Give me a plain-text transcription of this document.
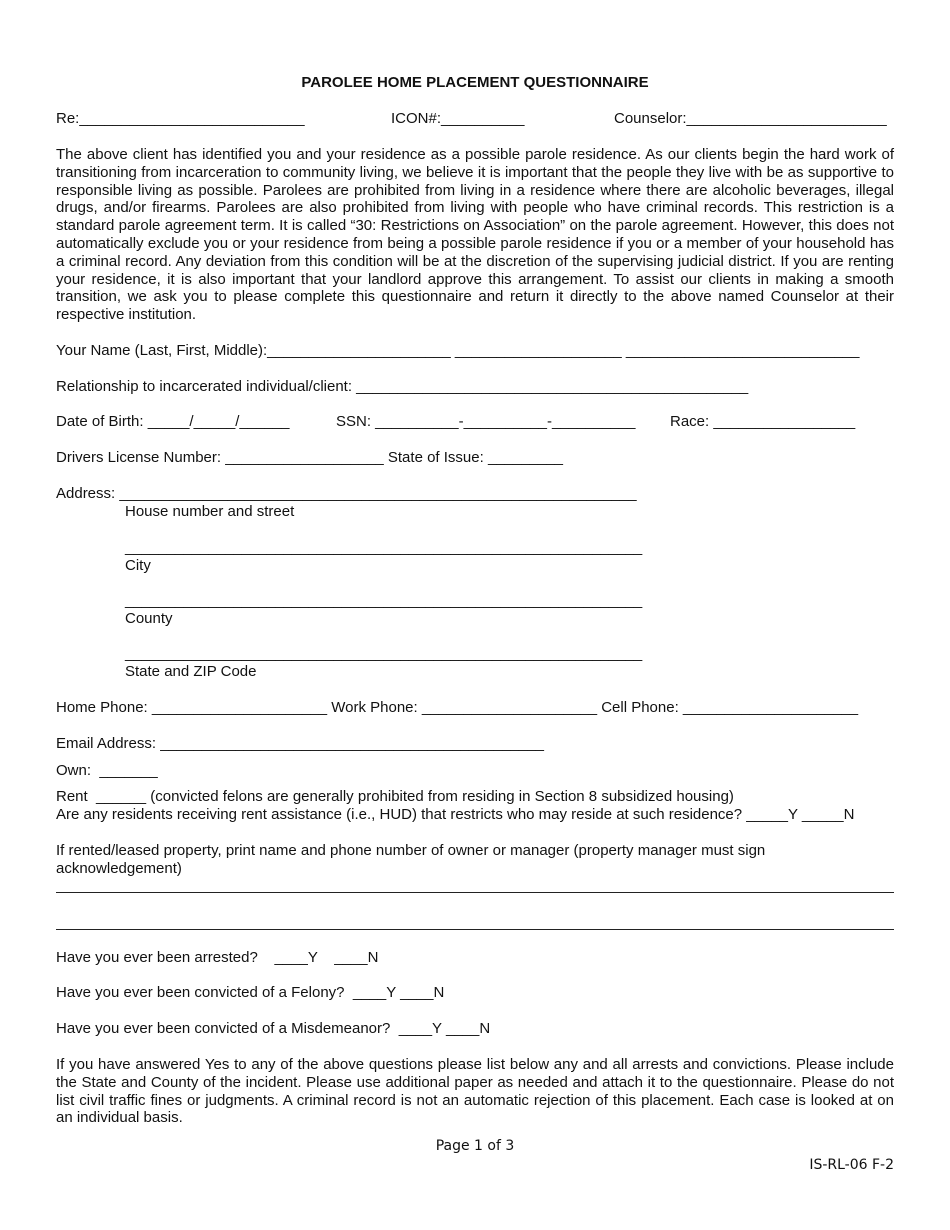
PAROLEE HOME PLACEMENT QUESTIONNAIRE
Re:___________________________	ICON#:__________	Counselor:________________________
The above client has identified you and your residence as a possible parole residence. As our clients begin the hard work of transitioning from incarceration to community living, we believe it is important that the people they live with be as supportive to responsible living as possible. Parolees are prohibited from living in a residence where there are alcoholic beverages, illegal drugs, and/or firearms. Parolees are also prohibited from living with people who have criminal records. This restriction is a standard parole agreement term. It is called “30: Restrictions on Association” on the parole agreement. However, this does not automatically exclude you or your residence from being a possible parole residence if you or a member of your household has a criminal record. Any deviation from this condition will be at the discretion of the supervising judicial district. If you are renting your residence, it is also important that your landlord approve this arrangement. To assist our clients in making a smooth transition, we ask you to please complete this questionnaire and return it directly to the above named Counselor at their respective institution.
Your Name (Last, First, Middle):______________________ ____________________ ____________________________
Relationship to incarcerated individual/client: _______________________________________________
Date of Birth: _____/_____/______	SSN: __________-__________-__________ Race: _________________
Drivers License Number: ___________________ State of Issue: _________
Address: ______________________________________________________________
House number and street
______________________________________________________________
City
______________________________________________________________
County
______________________________________________________________
State and ZIP Code
Home Phone: _____________________ Work Phone: _____________________ Cell Phone: _____________________
Email Address: ______________________________________________
Own:  _______
Rent  ______ (convicted felons are generally prohibited from residing in Section 8 subsidized housing)
Are any residents receiving rent assistance (i.e., HUD) that restricts who may reside at such residence? _____Y _____N
If rented/leased property, print name and phone number of owner or manager (property manager must sign acknowledgement)
Have you ever been arrested?    ____Y    ____N
Have you ever been convicted of a Felony?  ____Y ____N
Have you ever been convicted of a Misdemeanor?  ____Y ____N
If you have answered Yes to any of the above questions please list below any and all arrests and convictions. Please include the State and County of the incident. Please use additional paper as needed and attach it to the questionnaire. Please do not list civil traffic fines or judgments. A criminal record is not an automatic rejection of this placement. Each case is looked at on an individual basis.
Page 1 of 3
IS-RL-06 F-2
